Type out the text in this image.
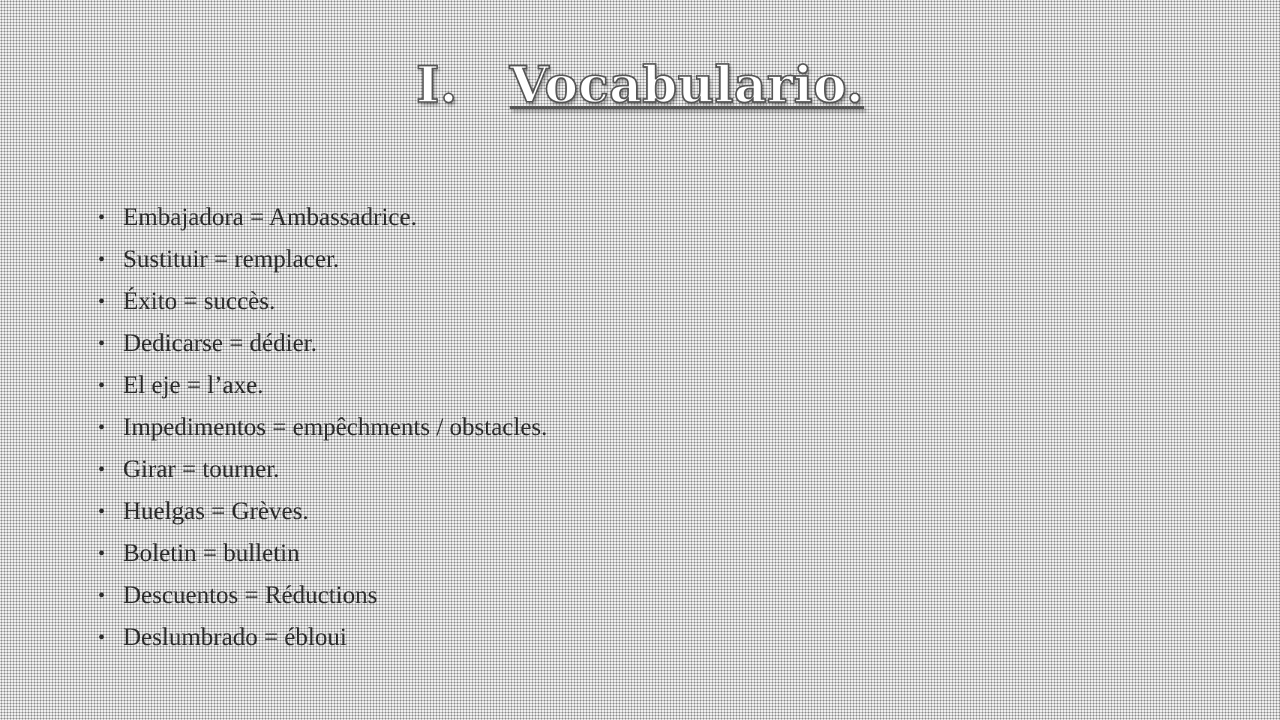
I. Vocabulario.
• Embajadora = Ambassadrice.
• Sustituir = remplacer.
• Éxito = succès.
• Dedicarse = dédier.
• El eje = l’axe.
• Impedimentos = empêchments / obstacles.
• Girar = tourner.
• Huelgas = Grèves.
• Boletin = bulletin
• Descuentos = Réductions
• Deslumbrado = ébloui
